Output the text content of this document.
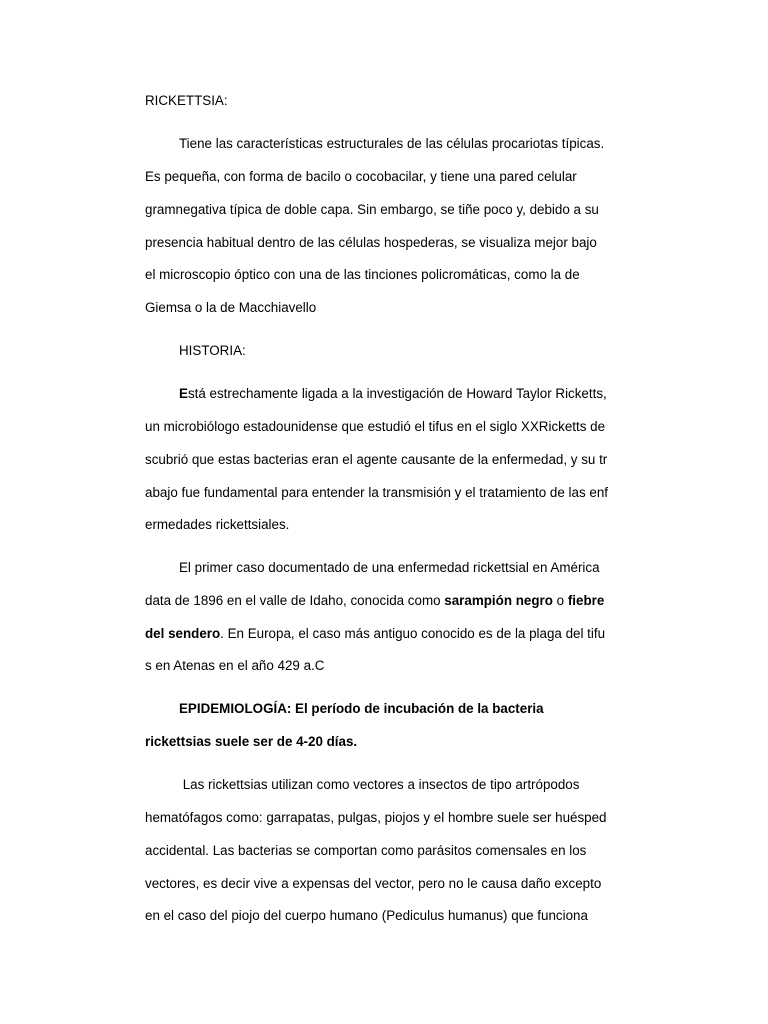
RICKETTSIA:
Tiene las características estructurales de las células procariotas típicas.
Es pequeña, con forma de bacilo o cocobacilar, y tiene una pared celular
gramnegativa típica de doble capa. Sin embargo, se tiñe poco y, debido a su
presencia habitual dentro de las células hospederas, se visualiza mejor bajo
el microscopio óptico con una de las tinciones policromáticas, como la de
Giemsa o la de Macchiavello
HISTORIA:
Está estrechamente ligada a la investigación de Howard Taylor Ricketts,
un microbiólogo estadounidense que estudió el tifus en el siglo XXRicketts de
scubrió que estas bacterias eran el agente causante de la enfermedad, y su tr
abajo fue fundamental para entender la transmisión y el tratamiento de las enf
ermedades rickettsiales.
El primer caso documentado de una enfermedad rickettsial en América
data de 1896 en el valle de Idaho, conocida como sarampión negro o fiebre
del sendero. En Europa, el caso más antiguo conocido es de la plaga del tifu
s en Atenas en el año 429 a.C
EPIDEMIOLOGÍA: El período de incubación de la bacteria
rickettsias suele ser de 4-20 días.
Las rickettsias utilizan como vectores a insectos de tipo artrópodos
hematófagos como: garrapatas, pulgas, piojos y el hombre suele ser huésped
accidental. Las bacterias se comportan como parásitos comensales en los
vectores, es decir vive a expensas del vector, pero no le causa daño excepto
en el caso del piojo del cuerpo humano (Pediculus humanus) que funciona
